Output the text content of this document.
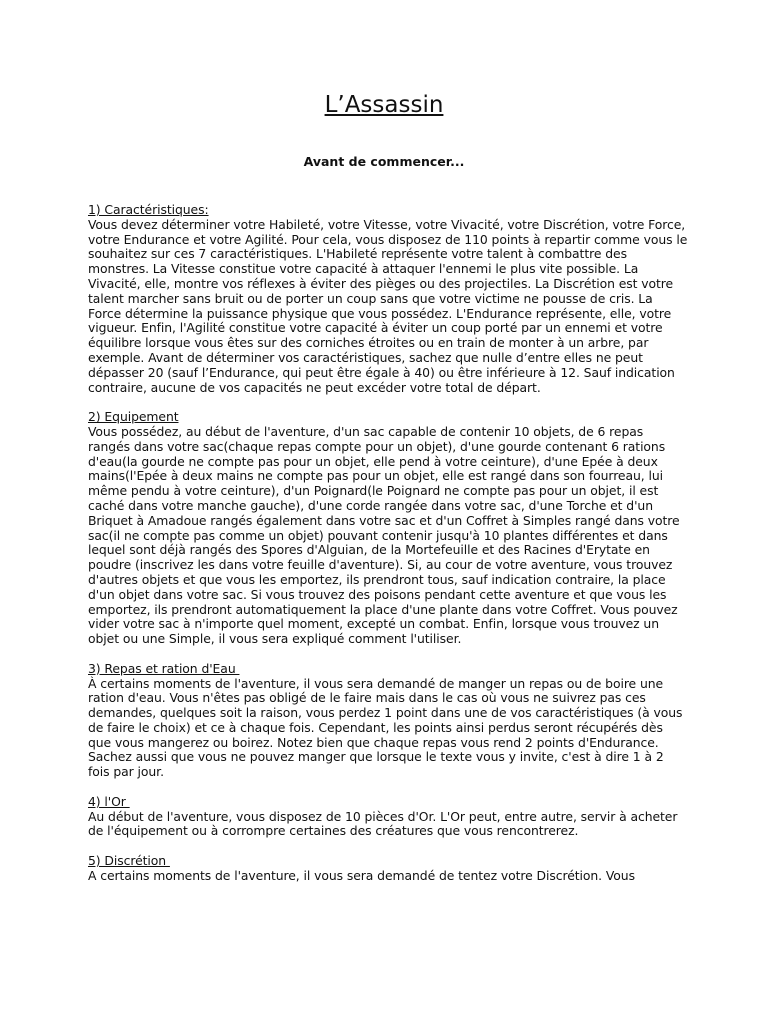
L’Assassin
Avant de commencer...
1) Caractéristiques:
Vous devez déterminer votre Habileté, votre Vitesse, votre Vivacité, votre Discrétion, votre Force, votre Endurance et votre Agilité. Pour cela, vous disposez de 110 points à repartir comme vous le souhaitez sur ces 7 caractéristiques. L'Habileté représente votre talent à combattre des monstres. La Vitesse constitue votre capacité à attaquer l'ennemi le plus vite possible. La Vivacité, elle, montre vos réflexes à éviter des pièges ou des projectiles. La Discrétion est votre talent marcher sans bruit ou de porter un coup sans que votre victime ne pousse de cris. La Force détermine la puissance physique que vous possédez. L'Endurance représente, elle, votre vigueur. Enfin, l'Agilité constitue votre capacité à éviter un coup porté par un ennemi et votre équilibre lorsque vous êtes sur des corniches étroites ou en train de monter à un arbre, par exemple. Avant de déterminer vos caractéristiques, sachez que nulle d’entre elles ne peut dépasser 20 (sauf l’Endurance, qui peut être égale à 40) ou être inférieure à 12. Sauf indication contraire, aucune de vos capacités ne peut excéder votre total de départ.
2) Equipement
Vous possédez, au début de l'aventure, d'un sac capable de contenir 10 objets, de 6 repas rangés dans votre sac(chaque repas compte pour un objet), d'une gourde contenant 6 rations d'eau(la gourde ne compte pas pour un objet, elle pend à votre ceinture), d'une Epée à deux mains(l'Epée à deux mains ne compte pas pour un objet, elle est rangé dans son fourreau, lui même pendu à votre ceinture), d'un Poignard(le Poignard ne compte pas pour un objet, il est caché dans votre manche gauche), d'une corde rangée dans votre sac, d'une Torche et d'un Briquet à Amadoue rangés également dans votre sac et d'un Coffret à Simples rangé dans votre sac(il ne compte pas comme un objet) pouvant contenir jusqu'à 10 plantes différentes et dans lequel sont déjà rangés des Spores d'Alguian, de la Mortefeuille et des Racines d'Erytate en poudre (inscrivez les dans votre feuille d'aventure). Si, au cour de votre aventure, vous trouvez d'autres objets et que vous les emportez, ils prendront tous, sauf indication contraire, la place d'un objet dans votre sac. Si vous trouvez des poisons pendant cette aventure et que vous les emportez, ils prendront automatiquement la place d'une plante dans votre Coffret. Vous pouvez vider votre sac à n'importe quel moment, excepté un combat. Enfin, lorsque vous trouvez un objet ou une Simple, il vous sera expliqué comment l'utiliser.
3) Repas et ration d'Eau
À certains moments de l'aventure, il vous sera demandé de manger un repas ou de boire une ration d'eau. Vous n'êtes pas obligé de le faire mais dans le cas où vous ne suivrez pas ces demandes, quelques soit la raison, vous perdez 1 point dans une de vos caractéristiques (à vous de faire le choix) et ce à chaque fois. Cependant, les points ainsi perdus seront récupérés dès que vous mangerez ou boirez. Notez bien que chaque repas vous rend 2 points d'Endurance. Sachez aussi que vous ne pouvez manger que lorsque le texte vous y invite, c'est à dire 1 à 2 fois par jour.
4) l'Or
Au début de l'aventure, vous disposez de 10 pièces d'Or. L'Or peut, entre autre, servir à acheter de l'équipement ou à corrompre certaines des créatures que vous rencontrerez.
5) Discrétion
A certains moments de l'aventure, il vous sera demandé de tentez votre Discrétion. Vous
